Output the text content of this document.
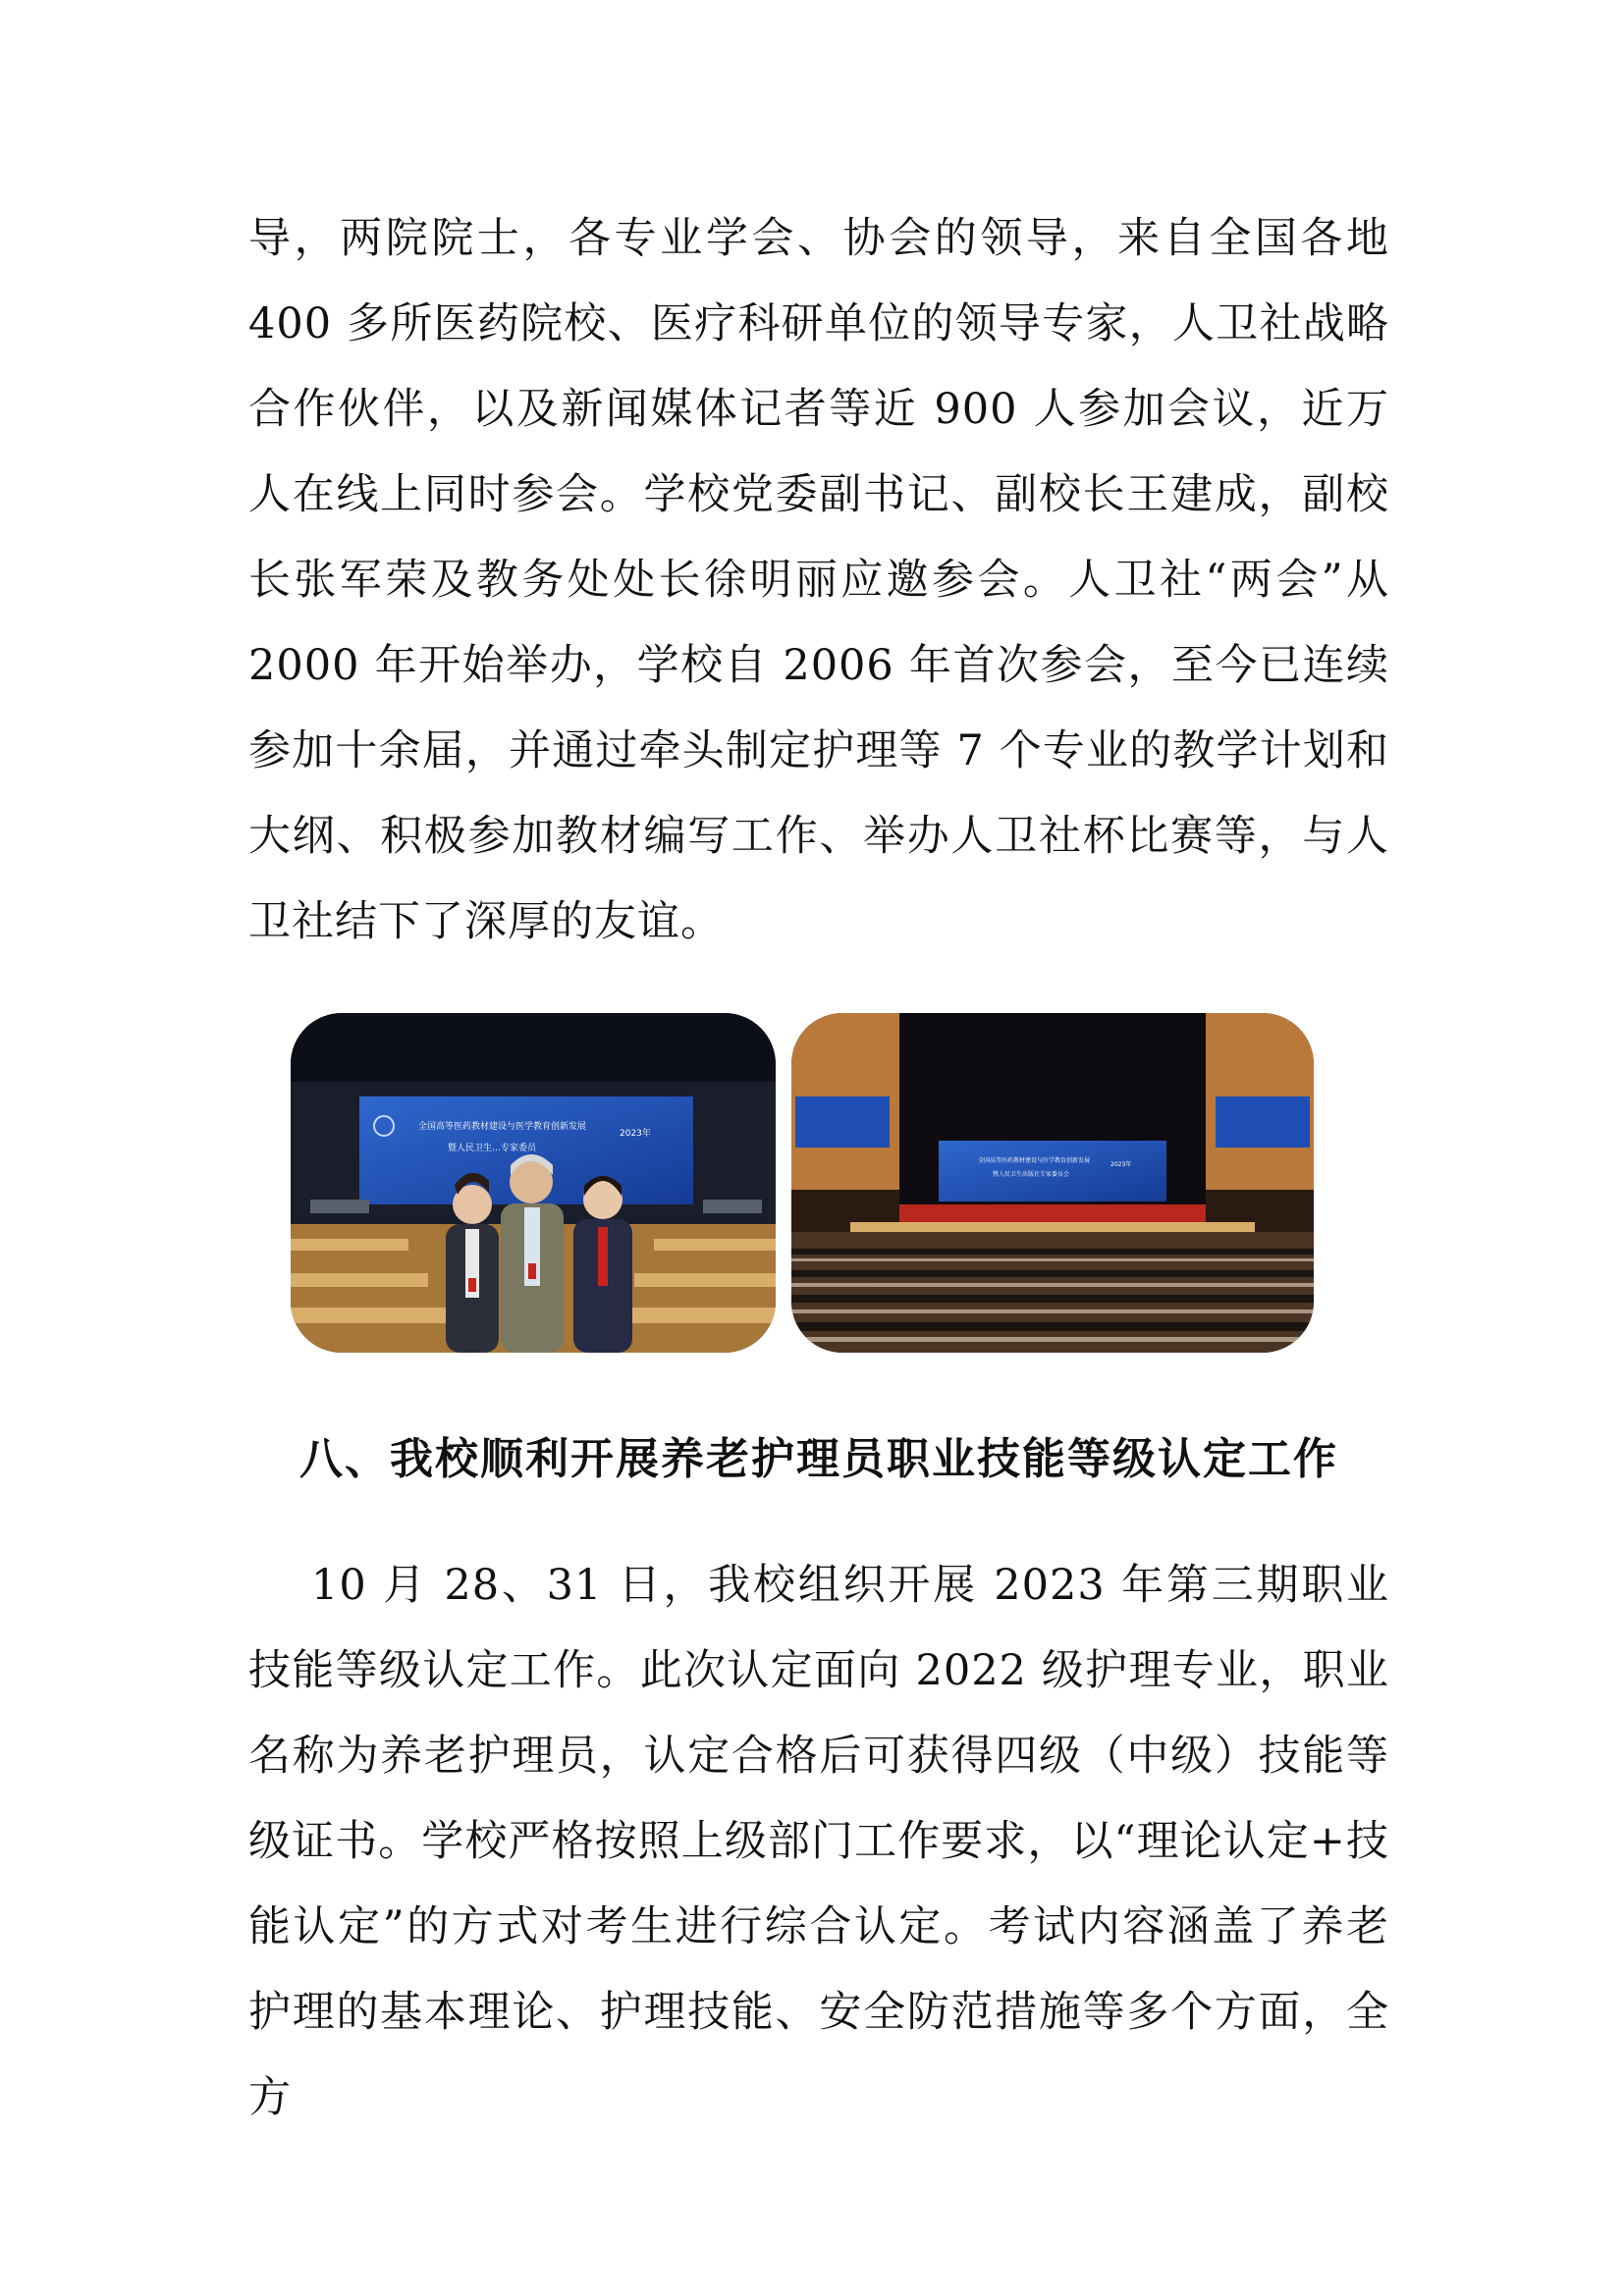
导，两院院士，各专业学会、协会的领导，来自全国各地 400 多所医药院校、医疗科研单位的领导专家，人卫社战略合作伙伴，以及新闻媒体记者等近 900 人参加会议，近万人在线上同时参会。学校党委副书记、副校长王建成，副校长张军荣及教务处处长徐明丽应邀参会。人卫社“两会”从 2000 年开始举办，学校自 2006 年首次参会，至今已连续参加十余届，并通过牵头制定护理等 7 个专业的教学计划和大纲、积极参加教材编写工作、举办人卫社杯比赛等，与人卫社结下了深厚的友谊。

全国高等医药教材建设与医学教育创新发展
暨人民卫生…专家委员
2023年
全国高等医药教材建设与医学教育创新发展
暨人民卫生出版社专家委员会
2023年
八、我校顺利开展养老护理员职业技能等级认定工作

10 月 28、31 日，我校组织开展 2023 年第三期职业技能等级认定工作。此次认定面向 2022 级护理专业，职业名称为养老护理员，认定合格后可获得四级（中级）技能等级证书。学校严格按照上级部门工作要求，以“理论认定+技能认定”的方式对考生进行综合认定。考试内容涵盖了养老护理的基本理论、护理技能、安全防范措施等多个方面，全方
